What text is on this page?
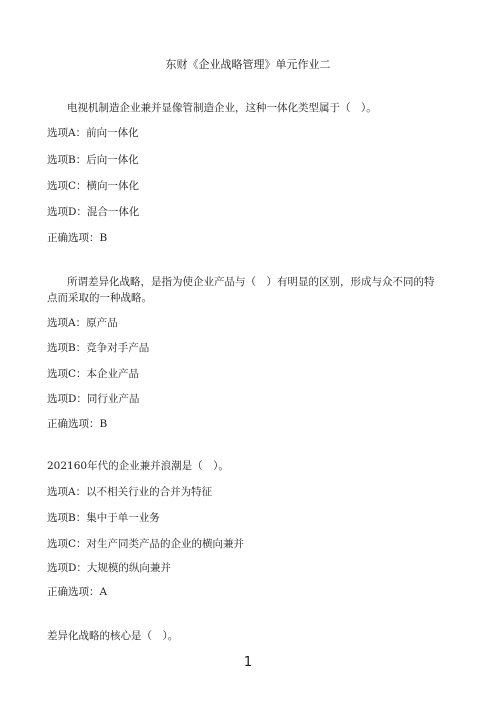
东财《企业战略管理》单元作业二
电视机制造企业兼并显像管制造企业，这种一体化类型属于（　）。
选项A：前向一体化
选项B：后向一体化
选项C：横向一体化
选项D：混合一体化
正确选项：B
所谓差异化战略，是指为使企业产品与（　）有明显的区别，形成与众不同的特
点而采取的一种战略。
选项A：原产品
选项B：竞争对手产品
选项C：本企业产品
选项D：同行业产品
正确选项：B
202160年代的企业兼并浪潮是（　）。
选项A：以不相关行业的合并为特征
选项B：集中于单一业务
选项C：对生产同类产品的企业的横向兼并
选项D：大规模的纵向兼并
正确选项：A
差异化战略的核心是（　）。
1
